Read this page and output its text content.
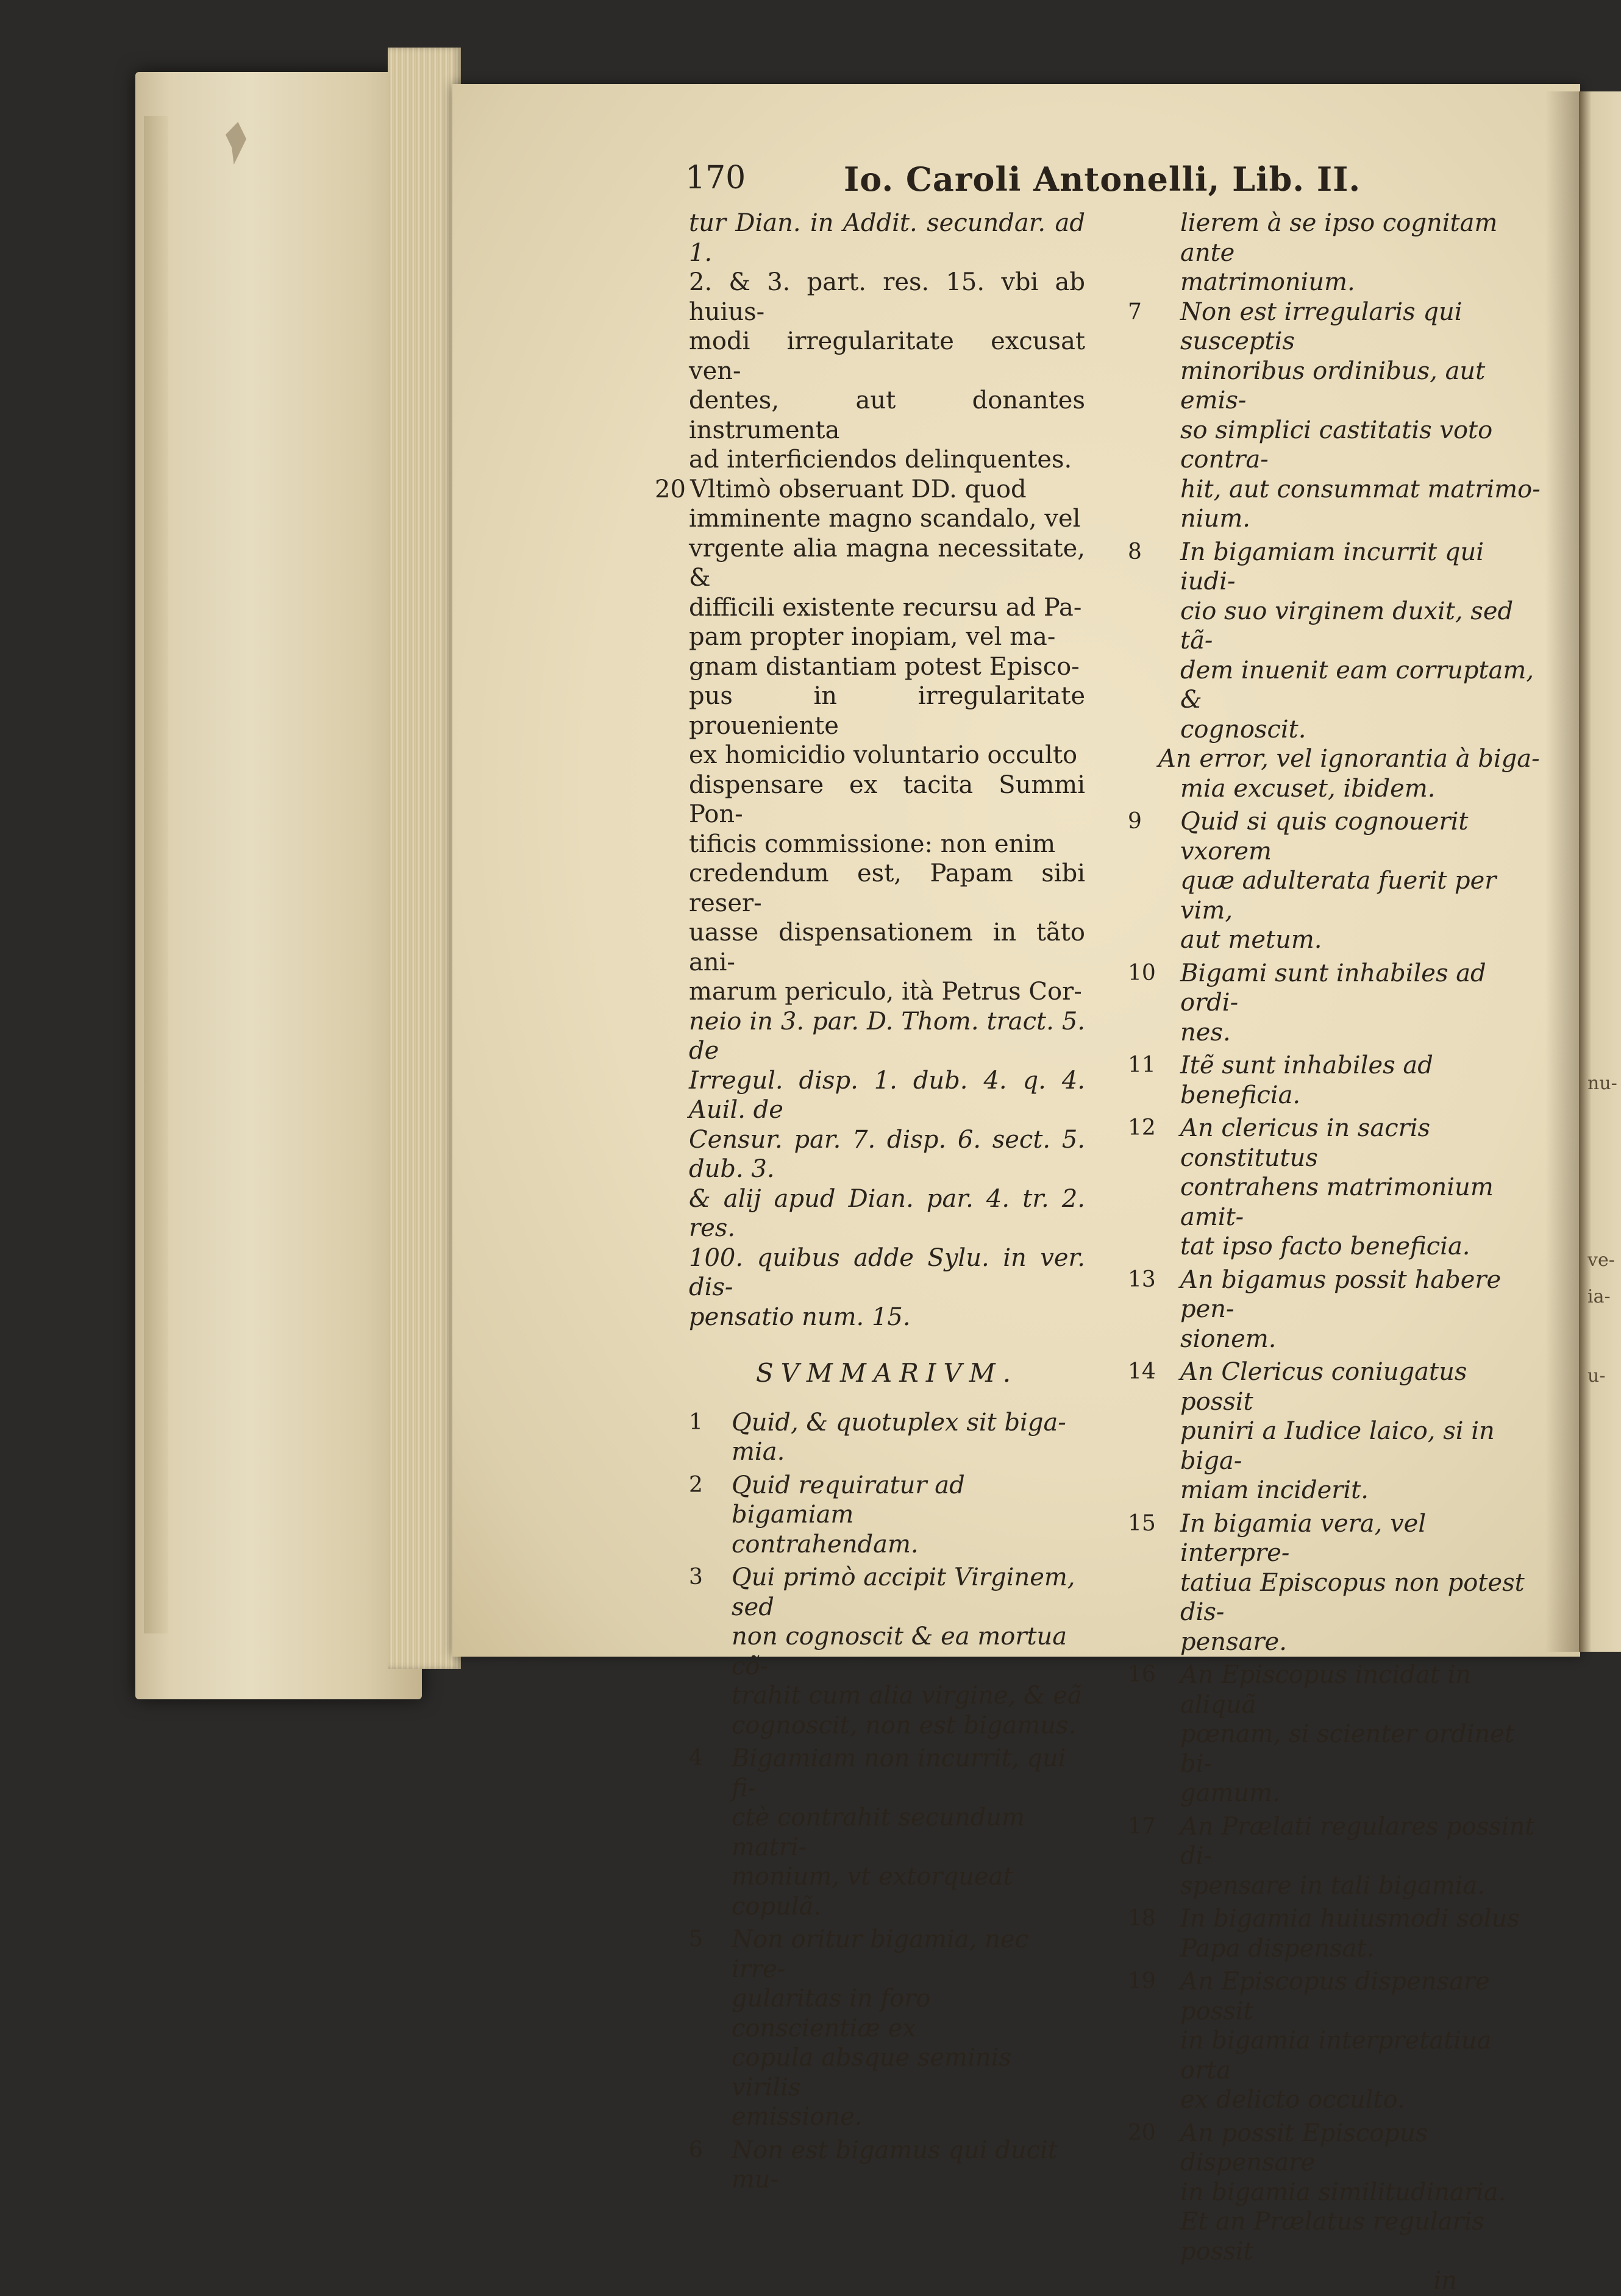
nu-
ve-
ia-
u-
170	Io. Caroli Antonelli, Lib. II.

tur Dian. in Addit. secundar. ad 1.

2. & 3. part. res. 15. vbi ab huius-

modi irregularitate excusat ven-

dentes, aut donantes instrumenta

ad interficiendos delinquentes.

20 Vltimò obseruant DD. quod

imminente magno scandalo, vel

vrgente alia magna necessitate, &

difficili existente recursu ad Pa-

pam propter inopiam, vel ma-

gnam distantiam potest Episco-

pus in irregularitate proueniente

ex homicidio voluntario occulto

dispensare ex tacita Summi Pon-

tificis commissione: non enim

credendum est, Papam sibi reser-

uasse dispensationem in tãto ani-

marum periculo, ità Petrus Cor-

neio in 3. par. D. Thom. tract. 5. de

Irregul. disp. 1. dub. 4. q. 4. Auil. de

Censur. par. 7. disp. 6. sect. 5. dub. 3.

& alij apud Dian. par. 4. tr. 2. res.

100. quibus adde Sylu. in ver. dis-

pensatio num. 15.

SVMMARIVM.

1 Quid, & quotuplex sit biga-

mia.

2 Quid requiratur ad bigamiam

contrahendam.

3 Qui primò accipit Virginem, sed

non cognoscit & ea mortua cõ-

trahit cum alia virgine, & eã

cognoscit, non est bigamus.

4 Bigamiam non incurrit, qui fi-

ctè contrahit secundum matri-

monium, vt extorqueat copulã.

5 Non oritur bigamia, nec irre-

gularitas in foro conscientiæ ex

copula absque seminis virilis

emissione.

6 Non est bigamus qui ducit mu-

lierem à se ipso cognitam ante

matrimonium.

7 Non est irregularis qui susceptis

minoribus ordinibus, aut emis-

so simplici castitatis voto contra-

hit, aut consummat matrimo-

nium.

8 In bigamiam incurrit qui iudi-

cio suo virginem duxit, sed tã-

dem inuenit eam corruptam, &

cognoscit.

An error, vel ignorantia à biga-

mia excuset, ibidem.

9 Quid si quis cognouerit vxorem

quæ adulterata fuerit per vim,

aut metum.

10 Bigami sunt inhabiles ad ordi-

nes.

11 Itẽ sunt inhabiles ad beneficia.

12 An clericus in sacris constitutus

contrahens matrimonium amit-

tat ipso facto beneficia.

13 An bigamus possit habere pen-

sionem.

14 An Clericus coniugatus possit

puniri a Iudice laico, si in biga-

miam inciderit.

15 In bigamia vera, vel interpre-

tatiua Episcopus non potest dis-

pensare.

16 An Episcopus incidat in aliquã

pœnam, si scienter ordinet bi-

gamum.

17 An Prælati regulares possint di-

spensare in tali bigamia.

18 In bigamia huiusmodi solus

Papa dispensat.

19 An Episcopus dispensare possit

in bigamia interpretatiua orta

ex delicto occulto.

20 An possit Episcopus dispensare

in bigamia similitudinaria.

Et an Prælatus regularis possit

in
